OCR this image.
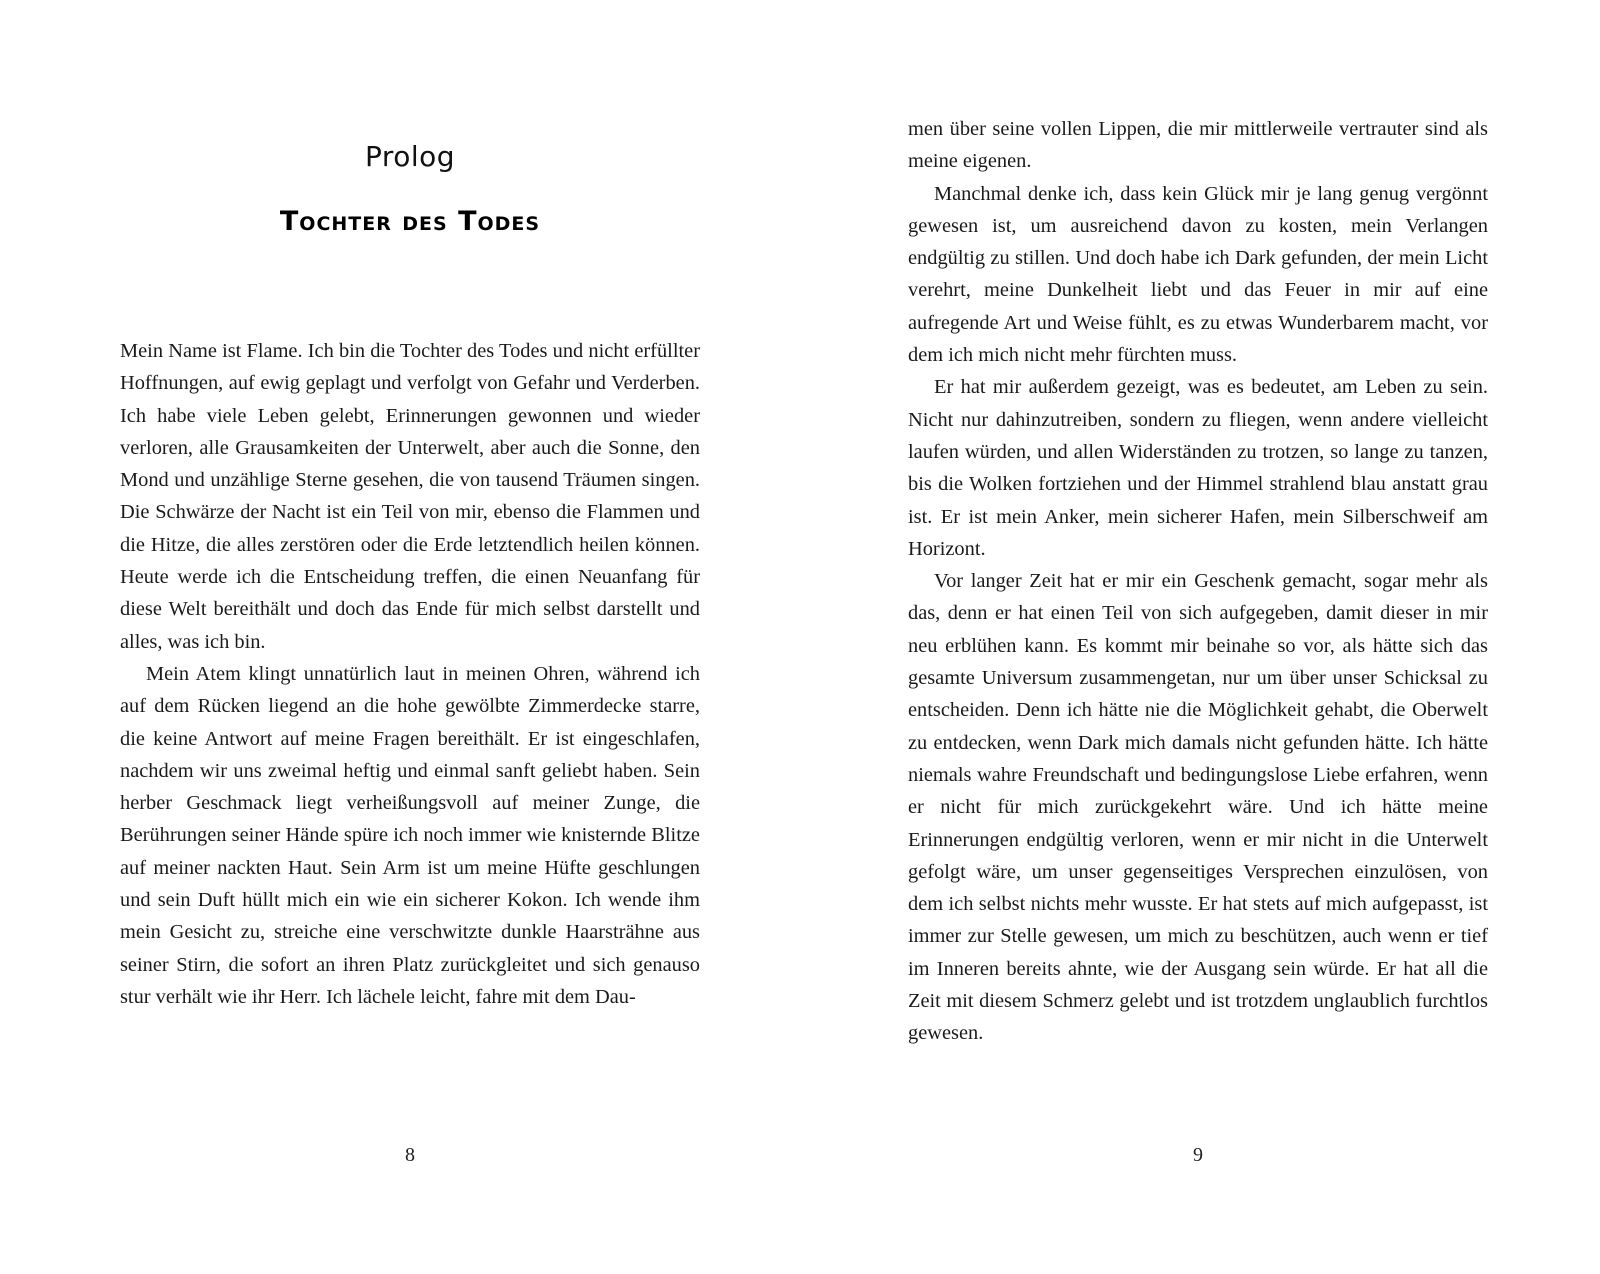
Prolog
Tochter des Todes

Mein Name ist Flame. Ich bin die Tochter des Todes und nicht erfüllter Hoffnungen, auf ewig geplagt und verfolgt von Gefahr und Verderben. Ich habe viele Leben gelebt, Erinnerungen gewonnen und wieder verloren, alle Grausamkeiten der Unterwelt, aber auch die Sonne, den Mond und unzählige Sterne gesehen, die von tausend Träumen singen. Die Schwärze der Nacht ist ein Teil von mir, ebenso die Flammen und die Hitze, die alles zerstören oder die Erde letztendlich heilen können. Heute werde ich die Entscheidung treffen, die einen Neuanfang für diese Welt bereithält und doch das Ende für mich selbst darstellt und alles, was ich bin.

Mein Atem klingt unnatürlich laut in meinen Ohren, während ich auf dem Rücken liegend an die hohe gewölbte Zimmerdecke starre, die keine Antwort auf meine Fragen bereithält. Er ist eingeschlafen, nachdem wir uns zweimal heftig und einmal sanft geliebt haben. Sein herber Geschmack liegt verheißungsvoll auf meiner Zunge, die Berührungen seiner Hände spüre ich noch immer wie knisternde Blitze auf meiner nackten Haut. Sein Arm ist um meine Hüfte geschlungen und sein Duft hüllt mich ein wie ein sicherer Kokon. Ich wende ihm mein Gesicht zu, streiche eine verschwitzte dunkle Haarsträhne aus seiner Stirn, die sofort an ihren Platz zurückgleitet und sich genauso stur verhält wie ihr Herr. Ich lächele leicht, fahre mit dem Dau-

8

men über seine vollen Lippen, die mir mittlerweile vertrauter sind als meine eigenen.

Manchmal denke ich, dass kein Glück mir je lang genug vergönnt gewesen ist, um ausreichend davon zu kosten, mein Verlangen endgültig zu stillen. Und doch habe ich Dark gefunden, der mein Licht verehrt, meine Dunkelheit liebt und das Feuer in mir auf eine aufregende Art und Weise fühlt, es zu etwas Wunderbarem macht, vor dem ich mich nicht mehr fürchten muss.

Er hat mir außerdem gezeigt, was es bedeutet, am Leben zu sein. Nicht nur dahinzutreiben, sondern zu fliegen, wenn andere vielleicht laufen würden, und allen Widerständen zu trotzen, so lange zu tanzen, bis die Wolken fortziehen und der Himmel strahlend blau anstatt grau ist. Er ist mein Anker, mein sicherer Hafen, mein Silberschweif am Horizont.

Vor langer Zeit hat er mir ein Geschenk gemacht, sogar mehr als das, denn er hat einen Teil von sich aufgegeben, damit dieser in mir neu erblühen kann. Es kommt mir beinahe so vor, als hätte sich das gesamte Universum zusammengetan, nur um über unser Schicksal zu entscheiden. Denn ich hätte nie die Möglichkeit gehabt, die Oberwelt zu entdecken, wenn Dark mich damals nicht gefunden hätte. Ich hätte niemals wahre Freundschaft und bedingungslose Liebe erfahren, wenn er nicht für mich zurückgekehrt wäre. Und ich hätte meine Erinnerungen endgültig verloren, wenn er mir nicht in die Unterwelt gefolgt wäre, um unser gegenseitiges Versprechen einzulösen, von dem ich selbst nichts mehr wusste. Er hat stets auf mich aufgepasst, ist immer zur Stelle gewesen, um mich zu beschützen, auch wenn er tief im Inneren bereits ahnte, wie der Ausgang sein würde. Er hat all die Zeit mit diesem Schmerz gelebt und ist trotzdem unglaublich furchtlos gewesen.

9
